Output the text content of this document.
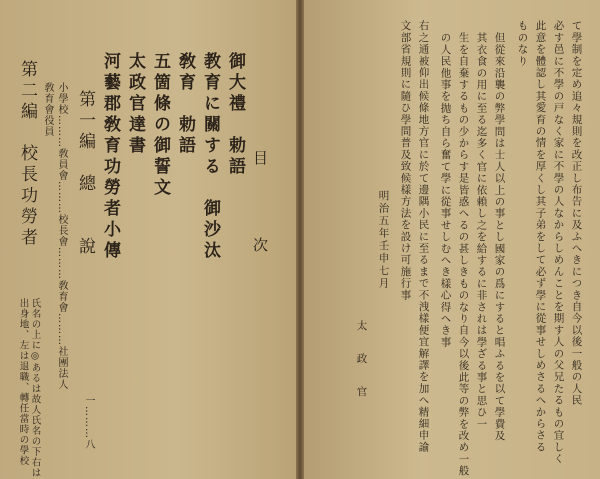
目　　次
御大禮　勅語
教育に關する　御沙汰
敎育　勅語
五箇條の御誓文
太政官達書
河藝郡敎育功勞者小傳
第一編　總　　說
一………八
小學校………敎員會………校長會………敎育會………社團法人
敎育會役員
第二編　校長功勞者
氏名の上に◎あるは故人氏名の下右は
出身地、左は退職、轉任當時の學校	て學制を定め追々規則を改正し布告に及ふへきにつき自今以後一般の人民
必す邑に不學の戸なく家に不學の人なからしめんことを期す人の父兄たるもの宜しく
此意を體認し其愛育の情を厚くし其子弟をして必ず學に從事せしめさるへからさる
ものなり
但從來沿襲の弊學問は士人以上の事とし國家の爲にすると唱ふるを以て學費及
其衣食の用に至る迄多く官に依賴し之を給するに非されは學ざる事と思ひ一
生を自棄するもの少からす是皆惑へるの甚しきものなり自今以後此等の弊を改め一般
の人民他事を抛ち自ら奮て學に從事せしむへき樣心得へき事
右之通被仰出候條地方官に於て邊隅小民に至るまで不洩樣便宜解譯を加へ精細申諭
文部省規則に隨ひ學問普及致候樣方法を設け可施行事
明治五年壬申七月
太　政　官
